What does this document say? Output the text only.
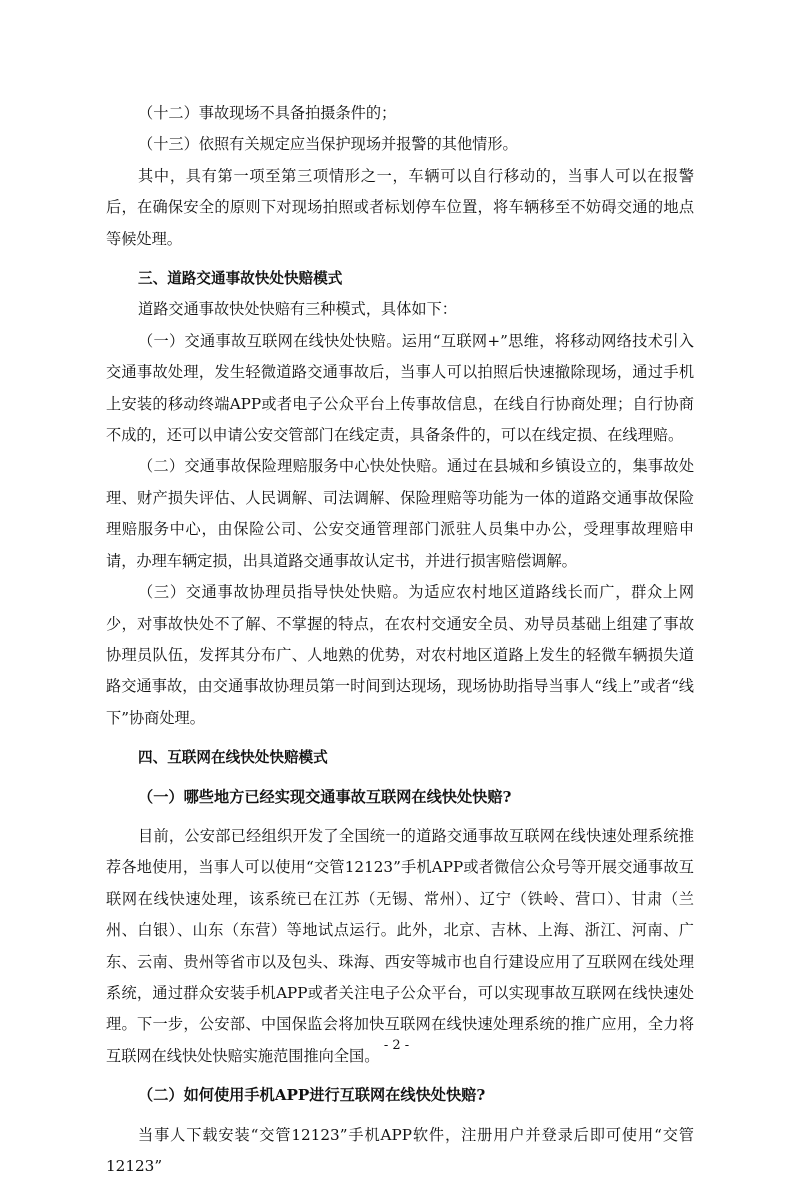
（十二）事故现场不具备拍摄条件的；

（十三）依照有关规定应当保护现场并报警的其他情形。

其中，具有第一项至第三项情形之一，车辆可以自行移动的，当事人可以在报警后，在确保安全的原则下对现场拍照或者标划停车位置，将车辆移至不妨碍交通的地点等候处理。

三、道路交通事故快处快赔模式

道路交通事故快处快赔有三种模式，具体如下：

（一）交通事故互联网在线快处快赔。运用“互联网+”思维，将移动网络技术引入交通事故处理，发生轻微道路交通事故后，当事人可以拍照后快速撤除现场，通过手机上安装的移动终端APP或者电子公众平台上传事故信息，在线自行协商处理；自行协商不成的，还可以申请公安交管部门在线定责，具备条件的，可以在线定损、在线理赔。

（二）交通事故保险理赔服务中心快处快赔。通过在县城和乡镇设立的，集事故处理、财产损失评估、人民调解、司法调解、保险理赔等功能为一体的道路交通事故保险理赔服务中心，由保险公司、公安交通管理部门派驻人员集中办公，受理事故理赔申请，办理车辆定损，出具道路交通事故认定书，并进行损害赔偿调解。

（三）交通事故协理员指导快处快赔。为适应农村地区道路线长而广，群众上网少，对事故快处不了解、不掌握的特点，在农村交通安全员、劝导员基础上组建了事故协理员队伍，发挥其分布广、人地熟的优势，对农村地区道路上发生的轻微车辆损失道路交通事故，由交通事故协理员第一时间到达现场，现场协助指导当事人“线上”或者“线下”协商处理。

四、互联网在线快处快赔模式

（一）哪些地方已经实现交通事故互联网在线快处快赔?

目前，公安部已经组织开发了全国统一的道路交通事故互联网在线快速处理系统推荐各地使用，当事人可以使用“交管12123”手机APP或者微信公众号等开展交通事故互联网在线快速处理，该系统已在江苏（无锡、常州）、辽宁（铁岭、营口）、甘肃（兰州、白银）、山东（东营）等地试点运行。此外，北京、吉林、上海、浙江、河南、广东、云南、贵州等省市以及包头、珠海、西安等城市也自行建设应用了互联网在线处理系统，通过群众安装手机APP或者关注电子公众平台，可以实现事故互联网在线快速处理。下一步，公安部、中国保监会将加快互联网在线快速处理系统的推广应用，全力将互联网在线快处快赔实施范围推向全国。

（二）如何使用手机APP进行互联网在线快处快赔?

当事人下载安装“交管12123”手机APP软件，注册用户并登录后即可使用“交管12123”

- 2 -
